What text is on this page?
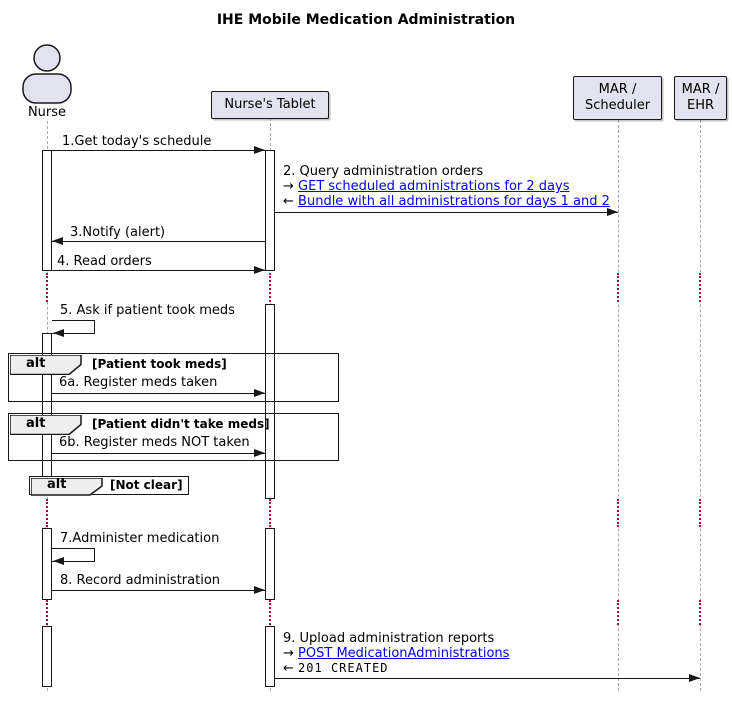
IHE Mobile Medication Administration
Nurse
Nurse's Tablet
MAR /
Scheduler
MAR /
EHR
1.Get today's schedule
2. Query administration orders
→ GET scheduled administrations for 2 days
← Bundle with all administrations for days 1 and 2
3.Notify (alert)
4. Read orders
5. Ask if patient took meds
alt	[Patient took meds]
6a. Register meds taken
alt	[Patient didn't take meds]
6b. Register meds NOT taken
alt	[Not clear]
7.Administer medication
8. Record administration
9. Upload administration reports
→ POST MedicationAdministrations
← 201 CREATED
